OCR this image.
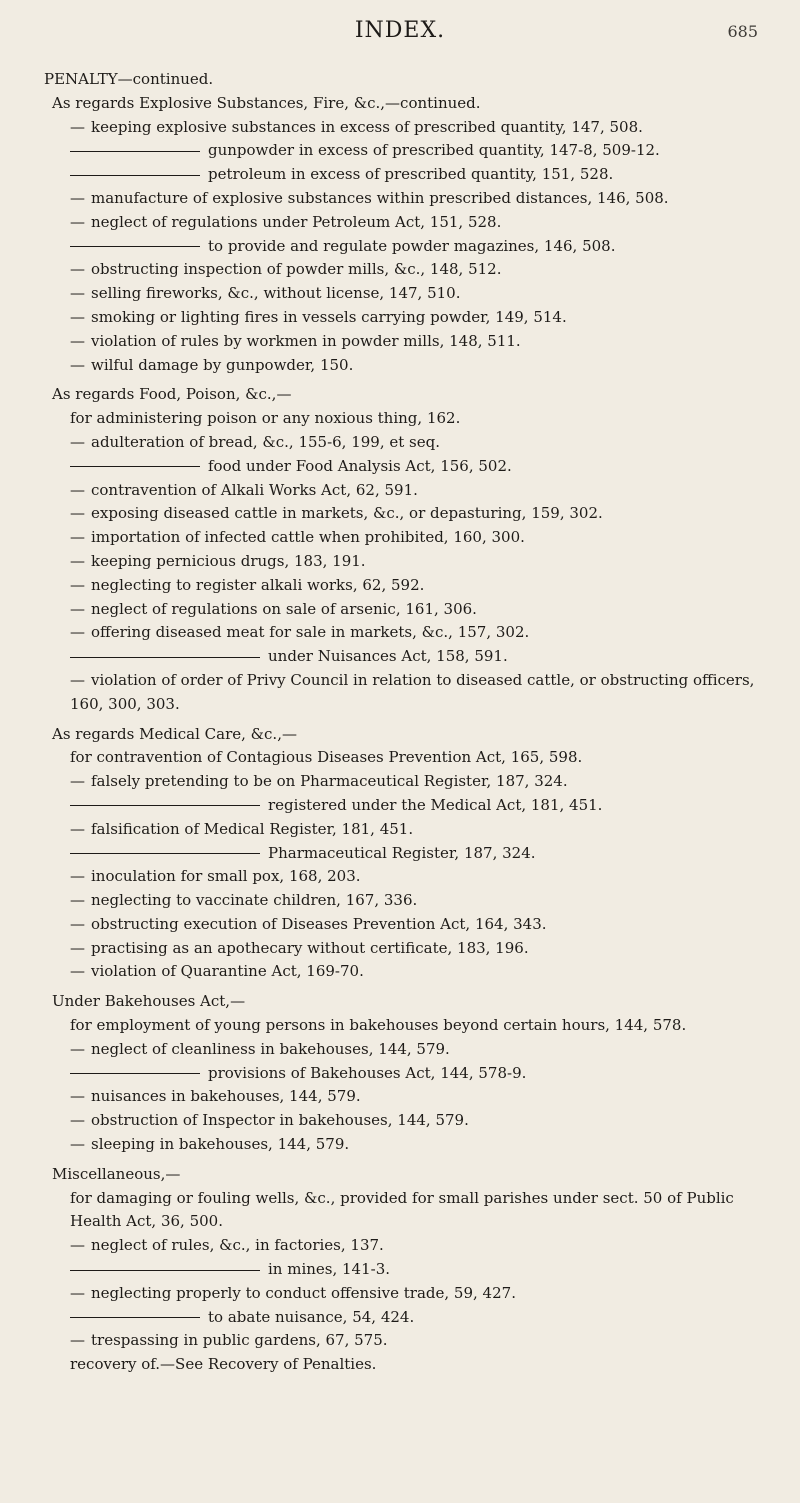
INDEX.	685
PENALTY—continued.
As regards Explosive Substances, Fire, &c.,—continued.
— keeping explosive substances in excess of prescribed quantity, 147, 508.
gunpowder in excess of prescribed quantity, 147-8, 509-12.
petroleum in excess of prescribed quantity, 151, 528.
— manufacture of explosive substances within prescribed distances, 146, 508.
— neglect of regulations under Petroleum Act, 151, 528.
to provide and regulate powder magazines, 146, 508.
— obstructing inspection of powder mills, &c., 148, 512.
— selling fireworks, &c., without license, 147, 510.
— smoking or lighting fires in vessels carrying powder, 149, 514.
— violation of rules by workmen in powder mills, 148, 511.
— wilful damage by gunpowder, 150.
As regards Food, Poison, &c.,—
for administering poison or any noxious thing, 162.
— adulteration of bread, &c., 155-6, 199, et seq.
food under Food Analysis Act, 156, 502.
— contravention of Alkali Works Act, 62, 591.
— exposing diseased cattle in markets, &c., or depasturing, 159, 302.
— importation of infected cattle when prohibited, 160, 300.
— keeping pernicious drugs, 183, 191.
— neglecting to register alkali works, 62, 592.
— neglect of regulations on sale of arsenic, 161, 306.
— offering diseased meat for sale in markets, &c., 157, 302.
under Nuisances Act, 158, 591.
— violation of order of Privy Council in relation to diseased cattle, or obstructing officers, 160, 300, 303.
As regards Medical Care, &c.,—
for contravention of Contagious Diseases Prevention Act, 165, 598.
— falsely pretending to be on Pharmaceutical Register, 187, 324.
registered under the Medical Act, 181, 451.
— falsification of Medical Register, 181, 451.
Pharmaceutical Register, 187, 324.
— inoculation for small pox, 168, 203.
— neglecting to vaccinate children, 167, 336.
— obstructing execution of Diseases Prevention Act, 164, 343.
— practising as an apothecary without certificate, 183, 196.
— violation of Quarantine Act, 169-70.
Under Bakehouses Act,—
for employment of young persons in bakehouses beyond certain hours, 144, 578.
— neglect of cleanliness in bakehouses, 144, 579.
provisions of Bakehouses Act, 144, 578-9.
— nuisances in bakehouses, 144, 579.
— obstruction of Inspector in bakehouses, 144, 579.
— sleeping in bakehouses, 144, 579.
Miscellaneous,—
for damaging or fouling wells, &c., provided for small parishes under sect. 50 of Public Health Act, 36, 500.
— neglect of rules, &c., in factories, 137.
in mines, 141-3.
— neglecting properly to conduct offensive trade, 59, 427.
to abate nuisance, 54, 424.
— trespassing in public gardens, 67, 575.
recovery of.—See Recovery of Penalties.
